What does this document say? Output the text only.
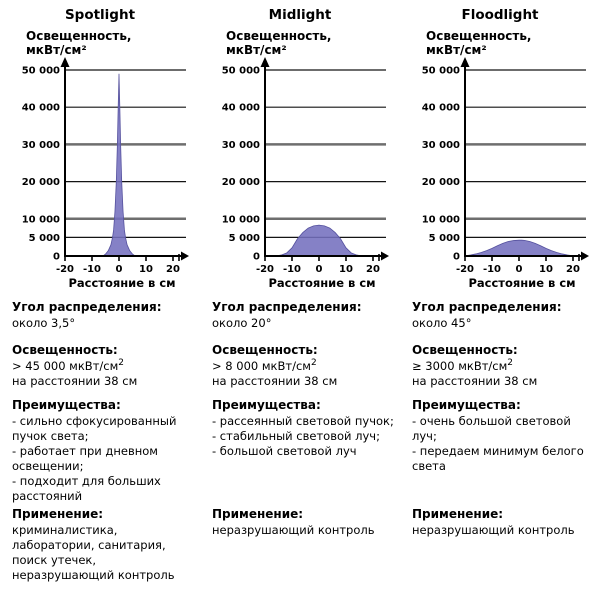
Spotlight
Освещенность,
мкВт/см²
50 000
40 000
30 000
20 000
10 000
5 000
0
-20 -10 0 10 20
Расстояние в см
Угол распределения:
около 3,5°
Освещенность:
> 45 000 мкВт/$см^2$
на расстоянии 38 см
Преимущества:
- сильно сфокусированный пучок света;
- работает при дневном освещении;
- подходит для больших расстояний
Применение:
криминалистика, лаборатории, санитария, поиск утечек, неразрушающий контроль
Midlight
Освещенность,
мкВт/см²
50 000
40 000
30 000
20 000
10 000
5 000
0
-20 -10 0 10 20
Расстояние в см
Угол распределения:
около 20°
Освещенность:
> 8 000 мкВт/$см^2$
на расстоянии 38 см
Преимущества:
- рассеянный световой пучок;
- стабильный световой луч;
- большой световой луч
Применение:
неразрушающий контроль
Floodlight
Освещенность,
мкВт/см²
50 000
40 000
30 000
20 000
10 000
5 000
0
-20 -10 0 10 20
Расстояние в см
Угол распределения:
около 45°
Освещенность:
≥ 3000 мкВт/$см^2$
на расстоянии 38 см
Преимущества:
- очень большой световой луч;
- передаем минимум белого света
Применение:
неразрушающий контроль
